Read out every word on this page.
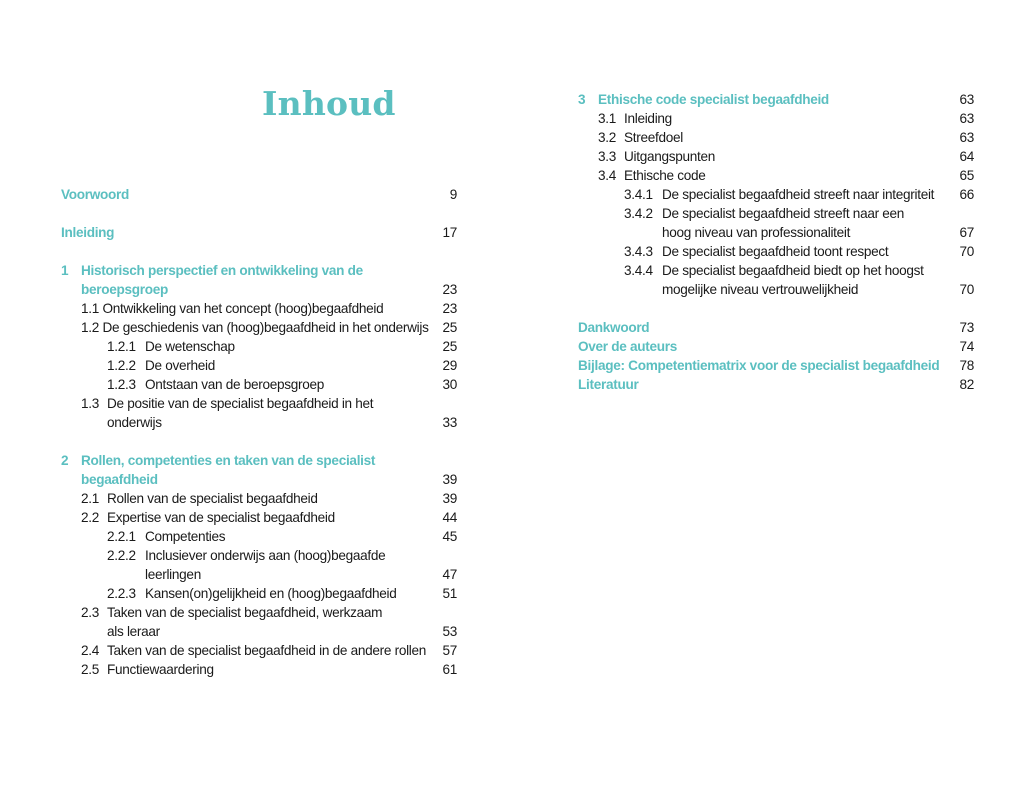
Inhoud
Voorwoord	9
Inleiding	17
1 Historisch perspectief en ontwikkeling van de
beroepsgroep	23
1.1 Ontwikkeling van het concept (hoog)begaafdheid	23
1.2 De geschiedenis van (hoog)begaafdheid in het onderwijs	25
1.2.1 De wetenschap	25
1.2.2 De overheid	29
1.2.3 Ontstaan van de beroepsgroep	30
1.3 De positie van de specialist begaafdheid in het
onderwijs	33
2 Rollen, competenties en taken van de specialist
begaafdheid	39
2.1 Rollen van de specialist begaafdheid	39
2.2 Expertise van de specialist begaafdheid	44
2.2.1 Competenties	45
2.2.2 Inclusiever onderwijs aan (hoog)begaafde
leerlingen	47
2.2.3 Kansen(on)gelijkheid en (hoog)begaafdheid	51
2.3 Taken van de specialist begaafdheid, werkzaam
als leraar	53
2.4 Taken van de specialist begaafdheid in de andere rollen	57
2.5 Functiewaardering	61
3 Ethische code specialist begaafdheid	63
3.1 Inleiding	63
3.2 Streefdoel	63
3.3 Uitgangspunten	64
3.4 Ethische code	65
3.4.1 De specialist begaafdheid streeft naar integriteit	66
3.4.2 De specialist begaafdheid streeft naar een
hoog niveau van professionaliteit	67
3.4.3 De specialist begaafdheid toont respect	70
3.4.4 De specialist begaafdheid biedt op het hoogst
mogelijke niveau vertrouwelijkheid	70
Dankwoord	73
Over de auteurs	74
Bijlage: Competentiematrix voor de specialist begaafdheid	78
Literatuur	82
